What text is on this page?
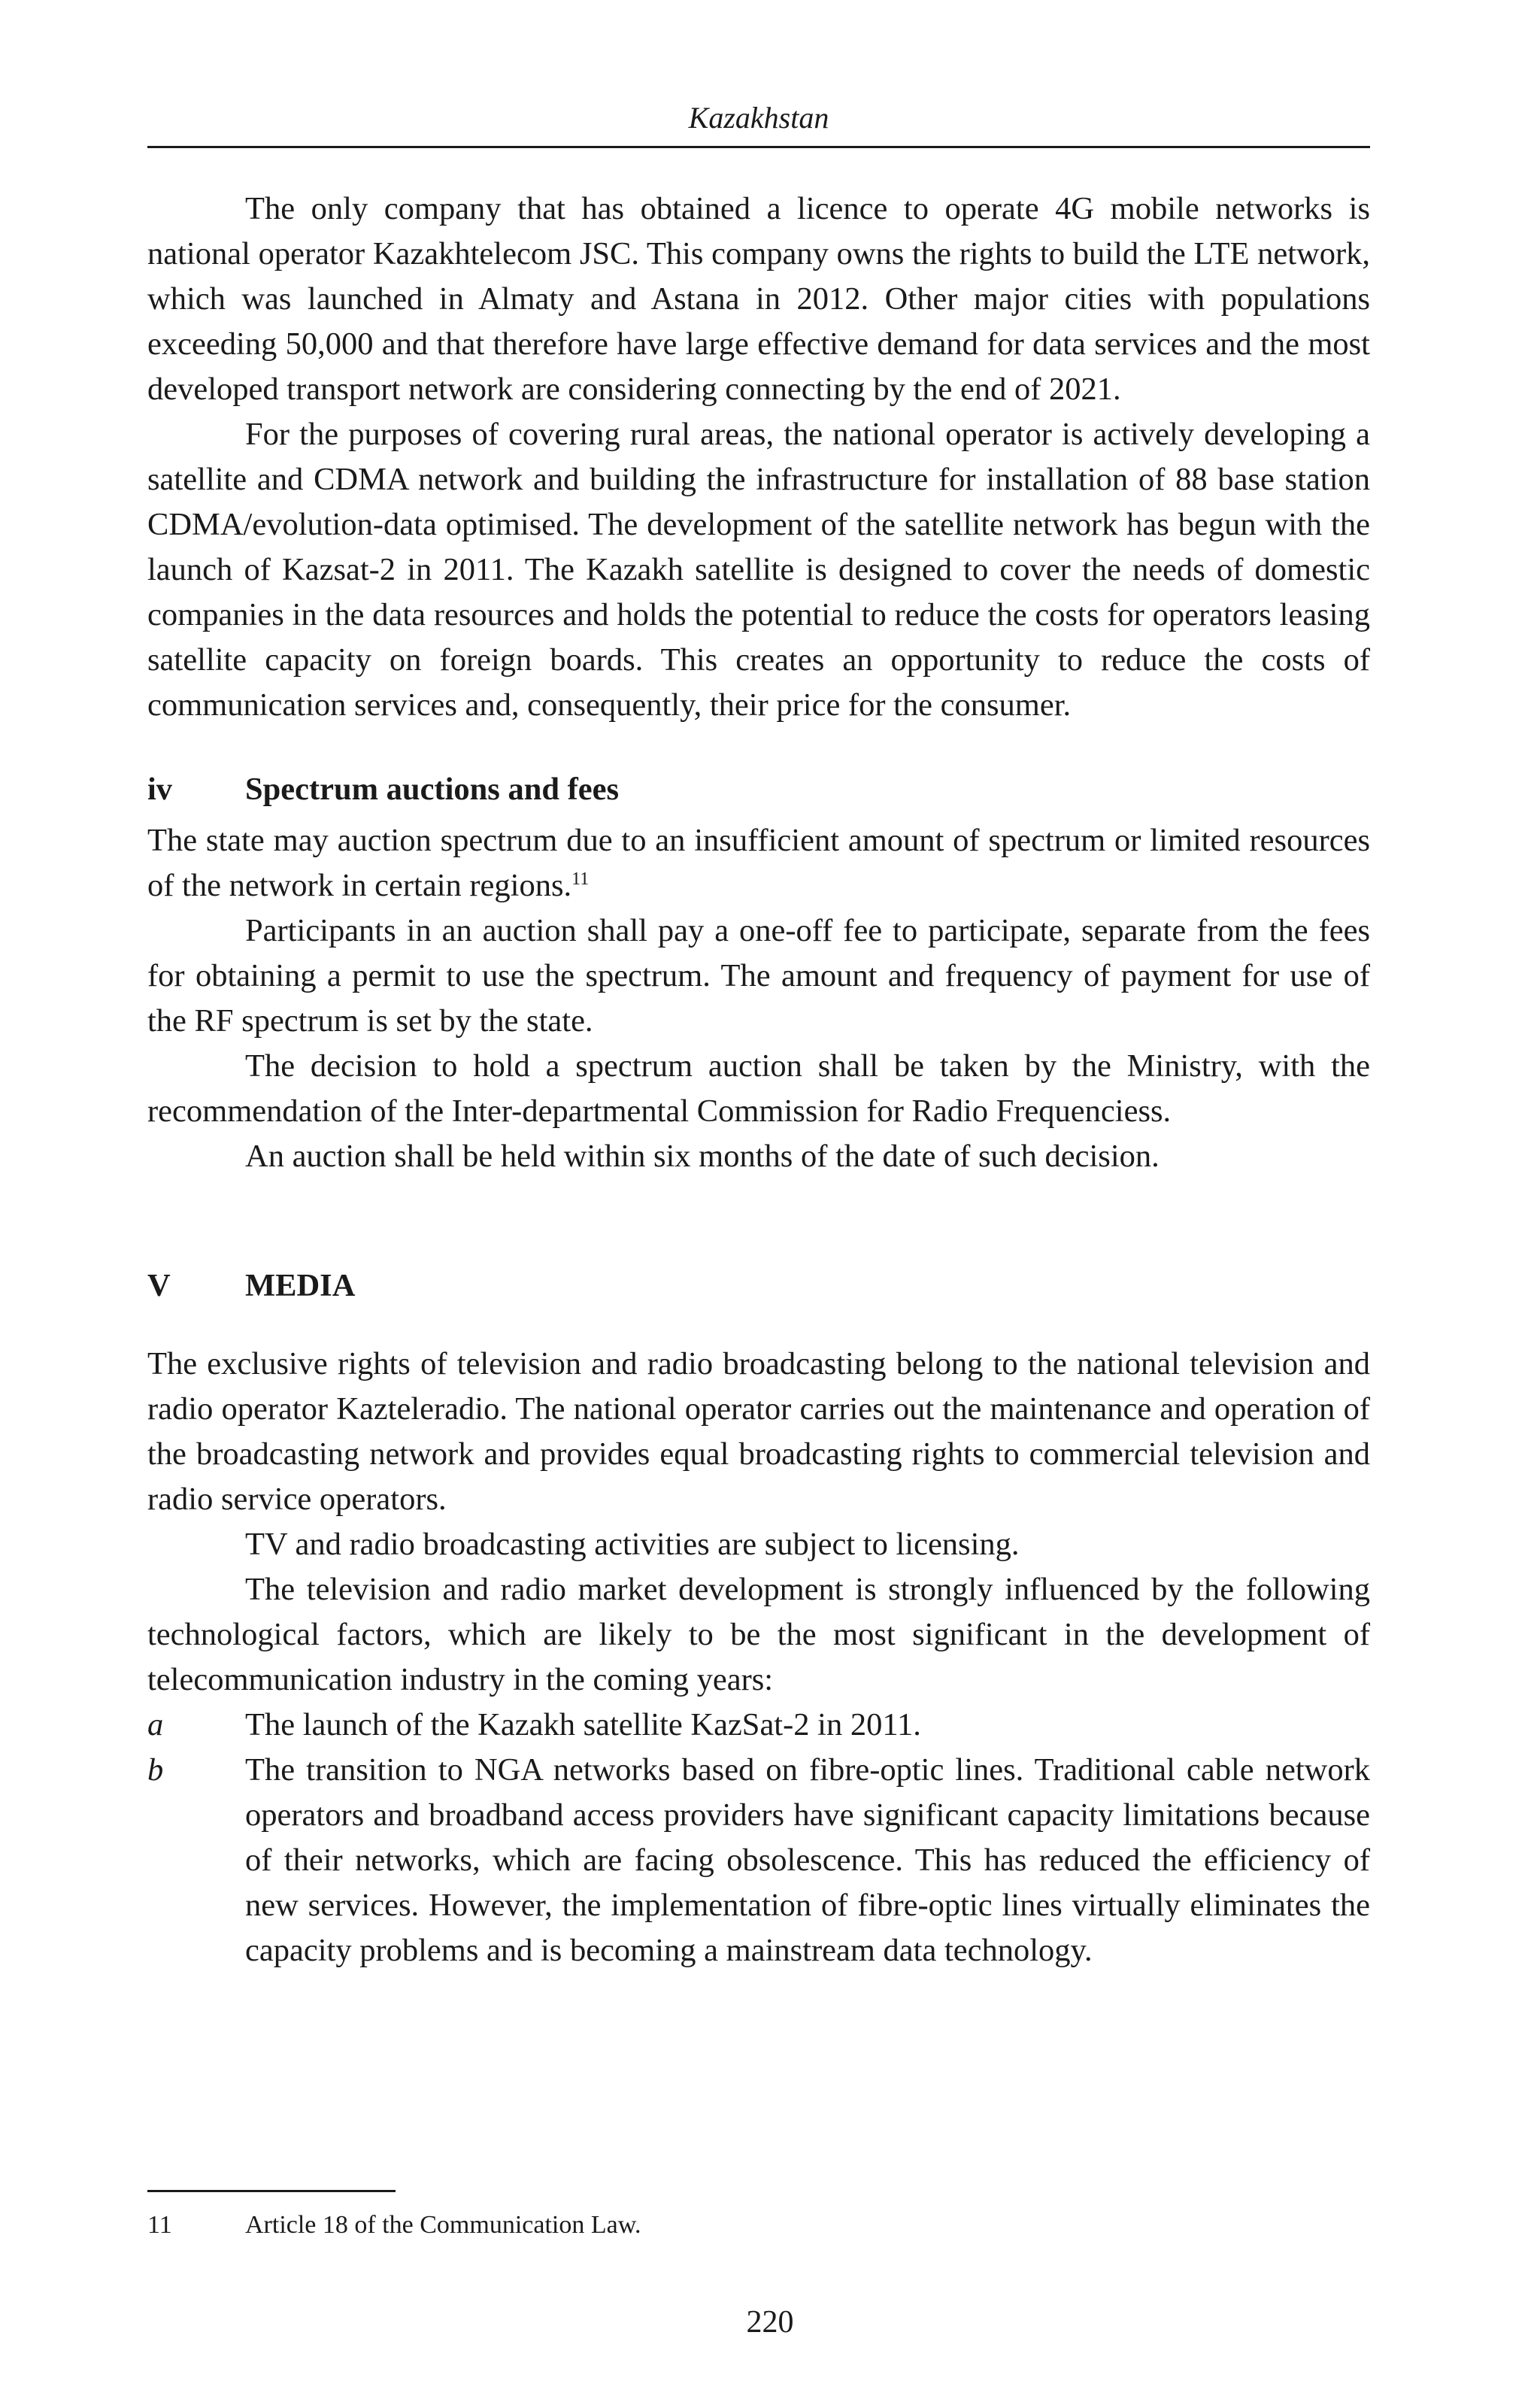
Kazakhstan

The only company that has obtained a licence to operate 4G mobile networks is national operator Kazakhtelecom JSC. This company owns the rights to build the LTE network, which was launched in Almaty and Astana in 2012. Other major cities with populations exceeding 50,000 and that therefore have large effective demand for data services and the most developed transport network are considering connecting by the end of 2021.

For the purposes of covering rural areas, the national operator is actively developing a satellite and CDMA network and building the infrastructure for installation of 88 base station CDMA/evolution-data optimised. The development of the satellite network has begun with the launch of Kazsat-2 in 2011. The Kazakh satellite is designed to cover the needs of domestic companies in the data resources and holds the potential to reduce the costs for operators leasing satellite capacity on foreign boards. This creates an opportunity to reduce the costs of communication services and, consequently, their price for the consumer.

iv	Spectrum auctions and fees

The state may auction spectrum due to an insufficient amount of spectrum or limited resources of the network in certain regions.$^{11}$

Participants in an auction shall pay a one-off fee to participate, separate from the fees for obtaining a permit to use the spectrum. The amount and frequency of payment for use of the RF spectrum is set by the state.

The decision to hold a spectrum auction shall be taken by the Ministry, with the recommendation of the Inter-departmental Commission for Radio Frequenciess.

An auction shall be held within six months of the date of such decision.

V	MEDIA

The exclusive rights of television and radio broadcasting belong to the national television and radio operator Kazteleradio. The national operator carries out the maintenance and operation of the broadcasting network and provides equal broadcasting rights to commercial television and radio service operators.

TV and radio broadcasting activities are subject to licensing.

The television and radio market development is strongly influenced by the following technological factors, which are likely to be the most significant in the development of telecommunication industry in the coming years:

a	The launch of the Kazakh satellite KazSat-2 in 2011.
b	The transition to NGA networks based on fibre-optic lines. Traditional cable network operators and broadband access providers have significant capacity limitations because of their networks, which are facing obsolescence. This has reduced the efficiency of new services. However, the implementation of fibre-optic lines virtually eliminates the capacity problems and is becoming a mainstream data technology.
11	Article 18 of the Communication Law.
220
